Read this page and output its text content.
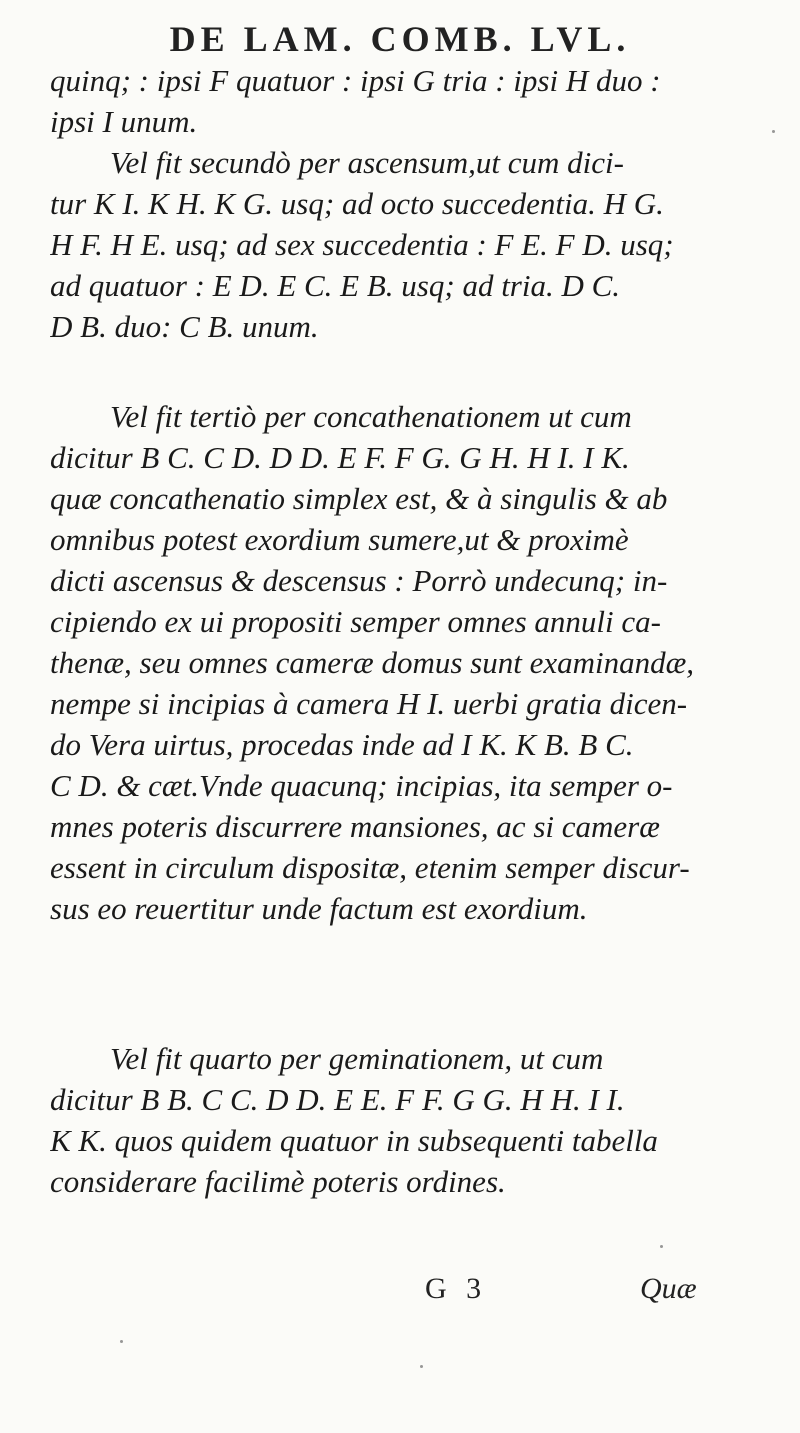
DE LAM. COMB. LVL.
quinq; : ipsi F quatuor : ipsi G tria : ipsi H duo :
ipsi I unum.
Vel fit secundò per ascensum,ut cum dici-
tur K I. K H. K G. usq; ad octo succedentia. H G.
H F. H E. usq; ad sex succedentia : F E. F D. usq;
ad quatuor : E D. E C. E B. usq; ad tria. D C.
D B. duo: C B. unum.
Vel fit tertiò per concathenationem ut cum
dicitur B C. C D. D D. E F. F G. G H. H I. I K.
quæ concathenatio simplex est, & à singulis & ab
omnibus potest exordium sumere,ut & proximè
dicti ascensus & descensus : Porrò undecunq; in-
cipiendo ex ui propositi semper omnes annuli ca-
thenæ, seu omnes cameræ domus sunt examinandæ,
nempe si incipias à camera H I. uerbi gratia dicen-
do Vera uirtus, procedas inde ad I K. K B. B C.
C D. & cæt.Vnde quacunq; incipias, ita semper o-
mnes poteris discurrere mansiones, ac si cameræ
essent in circulum dispositæ, etenim semper discur-
sus eo reuertitur unde factum est exordium.
Vel fit quarto per geminationem, ut cum
dicitur B B. C C. D D. E E. F F. G G. H H. I I.
K K. quos quidem quatuor in subsequenti tabella
considerare facilimè poteris ordines.
G 3	Quæ
